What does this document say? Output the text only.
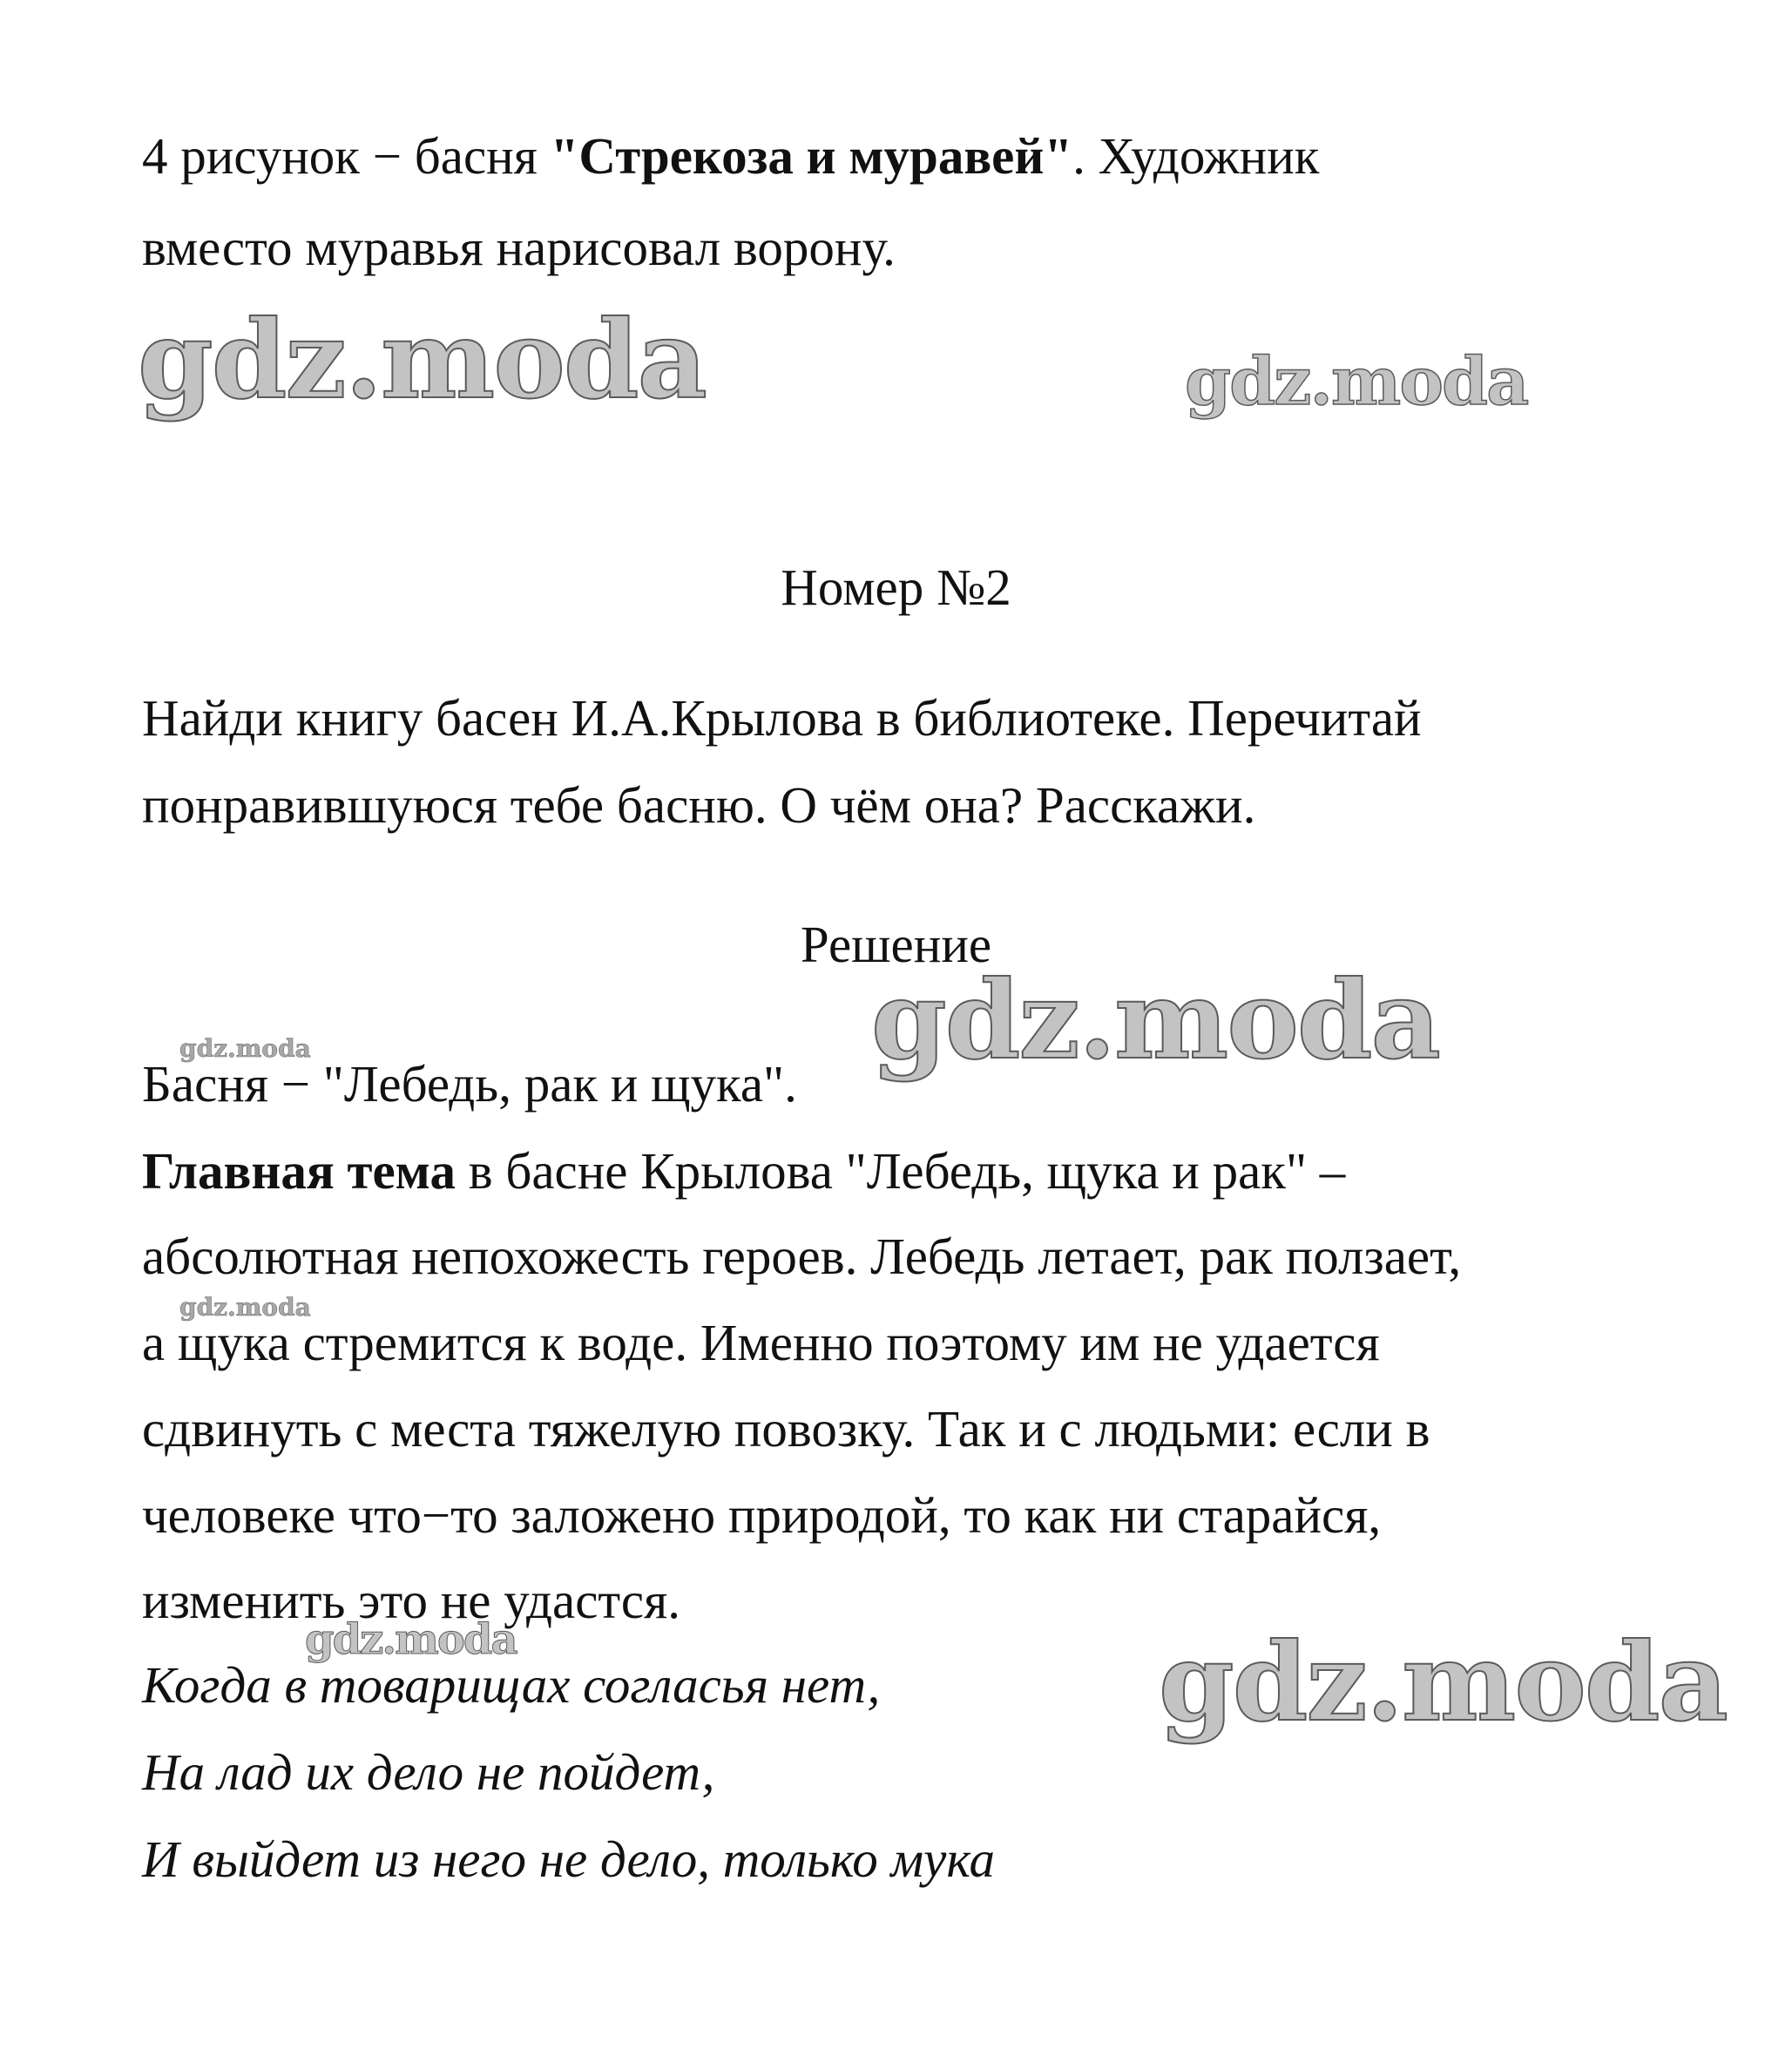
4 рисунок − басня "Стрекоза и муравей". Художник
вместо муравья нарисовал ворону.
Номер №2
Найди книгу басен И.А.Крылова в библиотеке. Перечитай
понравившуюся тебе басню. О чём она? Расскажи.
Решение
Басня − "Лебедь, рак и щука".
Главная тема в басне Крылова "Лебедь, щука и рак" –
абсолютная непохожесть героев. Лебедь летает, рак ползает,
а щука стремится к воде. Именно поэтому им не удается
сдвинуть с места тяжелую повозку. Так и с людьми: если в
человеке что−то заложено природой, то как ни старайся,
изменить это не удастся.
Когда в товарищах согласья нет,
На лад их дело не пойдет,
И выйдет из него не дело, только мука
gdz.moda	gdz.moda
gdz.moda
gdz.moda
gdz.moda
gdz.moda	gdz.moda
